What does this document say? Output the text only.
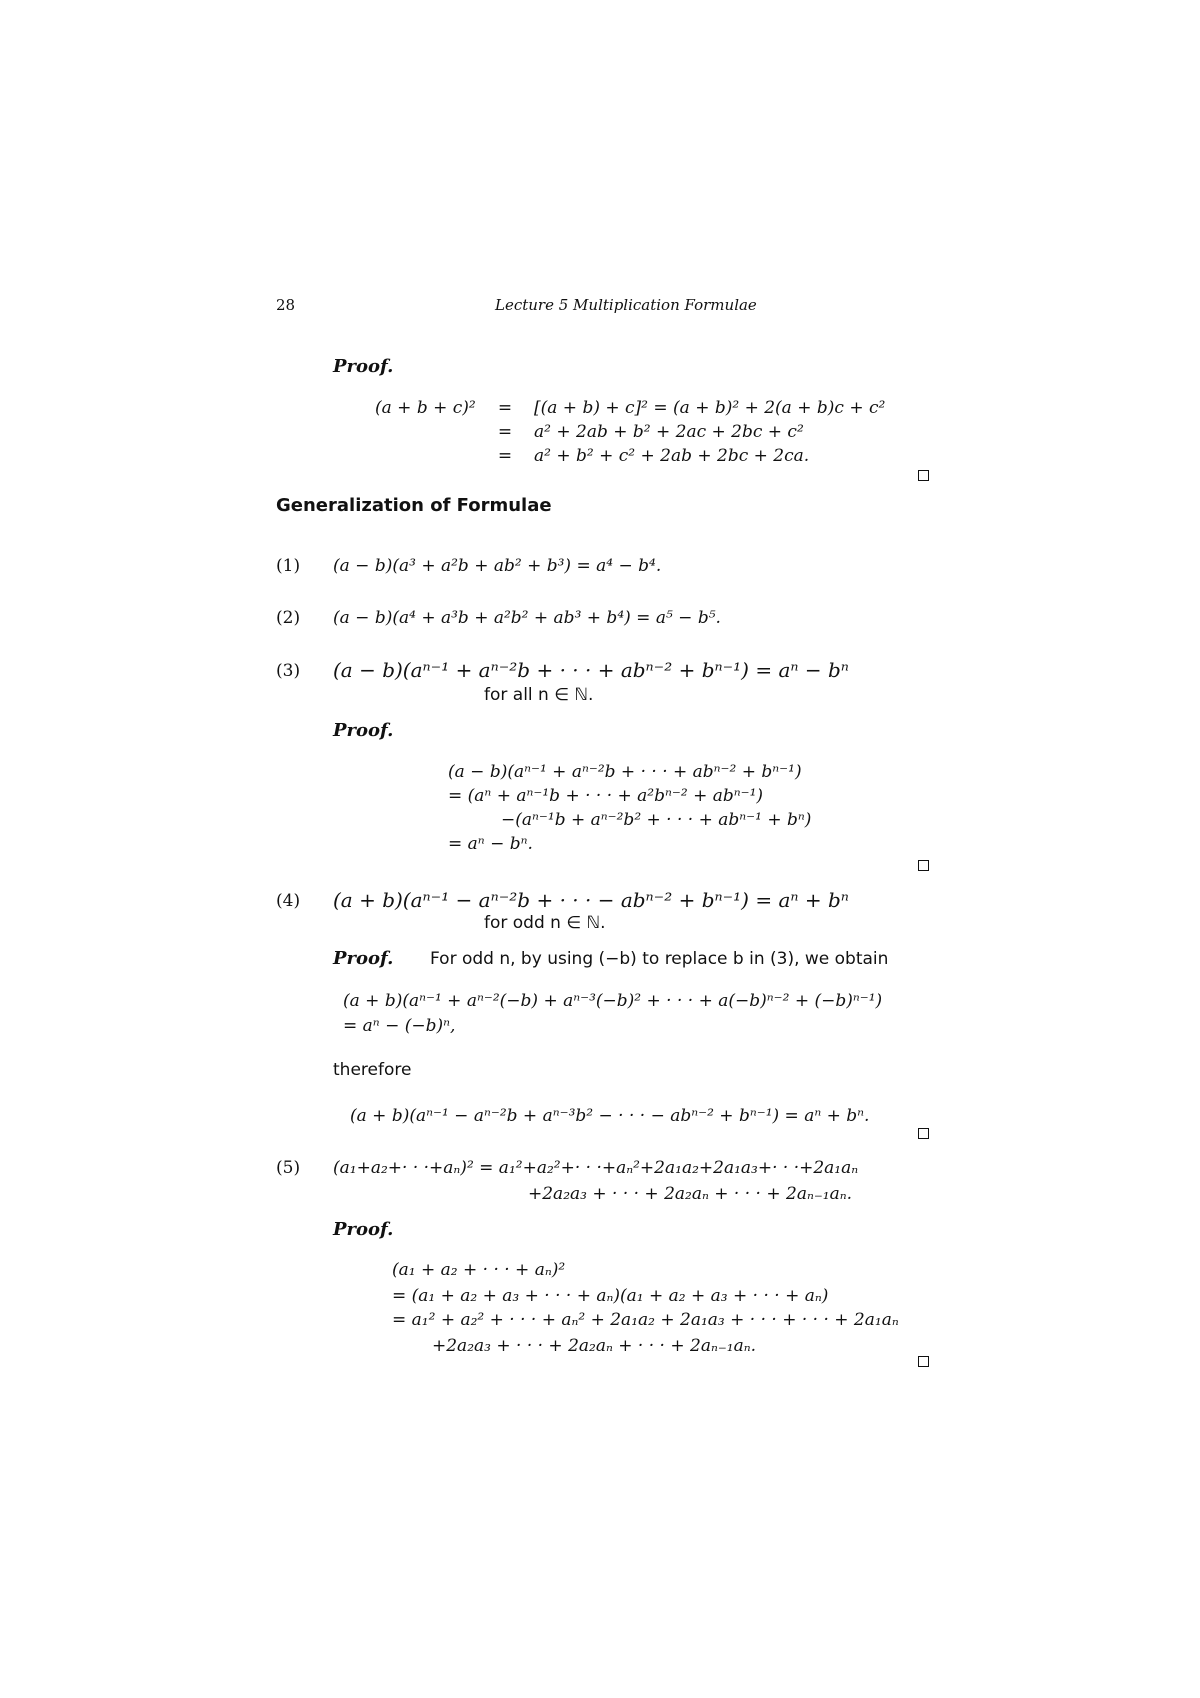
28	Lecture 5 Multiplication Formulae
Proof.
(a + b + c)²	=	[(a + b) + c]² = (a + b)² + 2(a + b)c + c²
=	a² + 2ab + b² + 2ac + 2bc + c²
=	a² + b² + c² + 2ab + 2bc + 2ca.
Generalization of Formulae
(1) (a − b)(a³ + a²b + ab² + b³) = a⁴ − b⁴.
(2) (a − b)(a⁴ + a³b + a²b² + ab³ + b⁴) = a⁵ − b⁵.
(3) (a − b)(aⁿ⁻¹ + aⁿ⁻²b + · · · + abⁿ⁻² + bⁿ⁻¹) = aⁿ − bⁿ
for all n ∈ ℕ.
Proof.
(a − b)(aⁿ⁻¹ + aⁿ⁻²b + · · · + abⁿ⁻² + bⁿ⁻¹)
= (aⁿ + aⁿ⁻¹b + · · · + a²bⁿ⁻² + abⁿ⁻¹)
−(aⁿ⁻¹b + aⁿ⁻²b² + · · · + abⁿ⁻¹ + bⁿ)
= aⁿ − bⁿ.
(4) (a + b)(aⁿ⁻¹ − aⁿ⁻²b + · · · − abⁿ⁻² + bⁿ⁻¹) = aⁿ + bⁿ
for odd n ∈ ℕ.
Proof. For odd n, by using (−b) to replace b in (3), we obtain
(a + b)(aⁿ⁻¹ + aⁿ⁻²(−b) + aⁿ⁻³(−b)² + · · · + a(−b)ⁿ⁻² + (−b)ⁿ⁻¹)
= aⁿ − (−b)ⁿ,
therefore
(a + b)(aⁿ⁻¹ − aⁿ⁻²b + aⁿ⁻³b² − · · · − abⁿ⁻² + bⁿ⁻¹) = aⁿ + bⁿ.
(5) (a₁+a₂+· · ·+aₙ)² = a₁²+a₂²+· · ·+aₙ²+2a₁a₂+2a₁a₃+· · ·+2a₁aₙ
+2a₂a₃ + · · · + 2a₂aₙ + · · · + 2aₙ₋₁aₙ.
Proof.
(a₁ + a₂ + · · · + aₙ)²
= (a₁ + a₂ + a₃ + · · · + aₙ)(a₁ + a₂ + a₃ + · · · + aₙ)
= a₁² + a₂² + · · · + aₙ² + 2a₁a₂ + 2a₁a₃ + · · · + · · · + 2a₁aₙ
+2a₂a₃ + · · · + 2a₂aₙ + · · · + 2aₙ₋₁aₙ.
